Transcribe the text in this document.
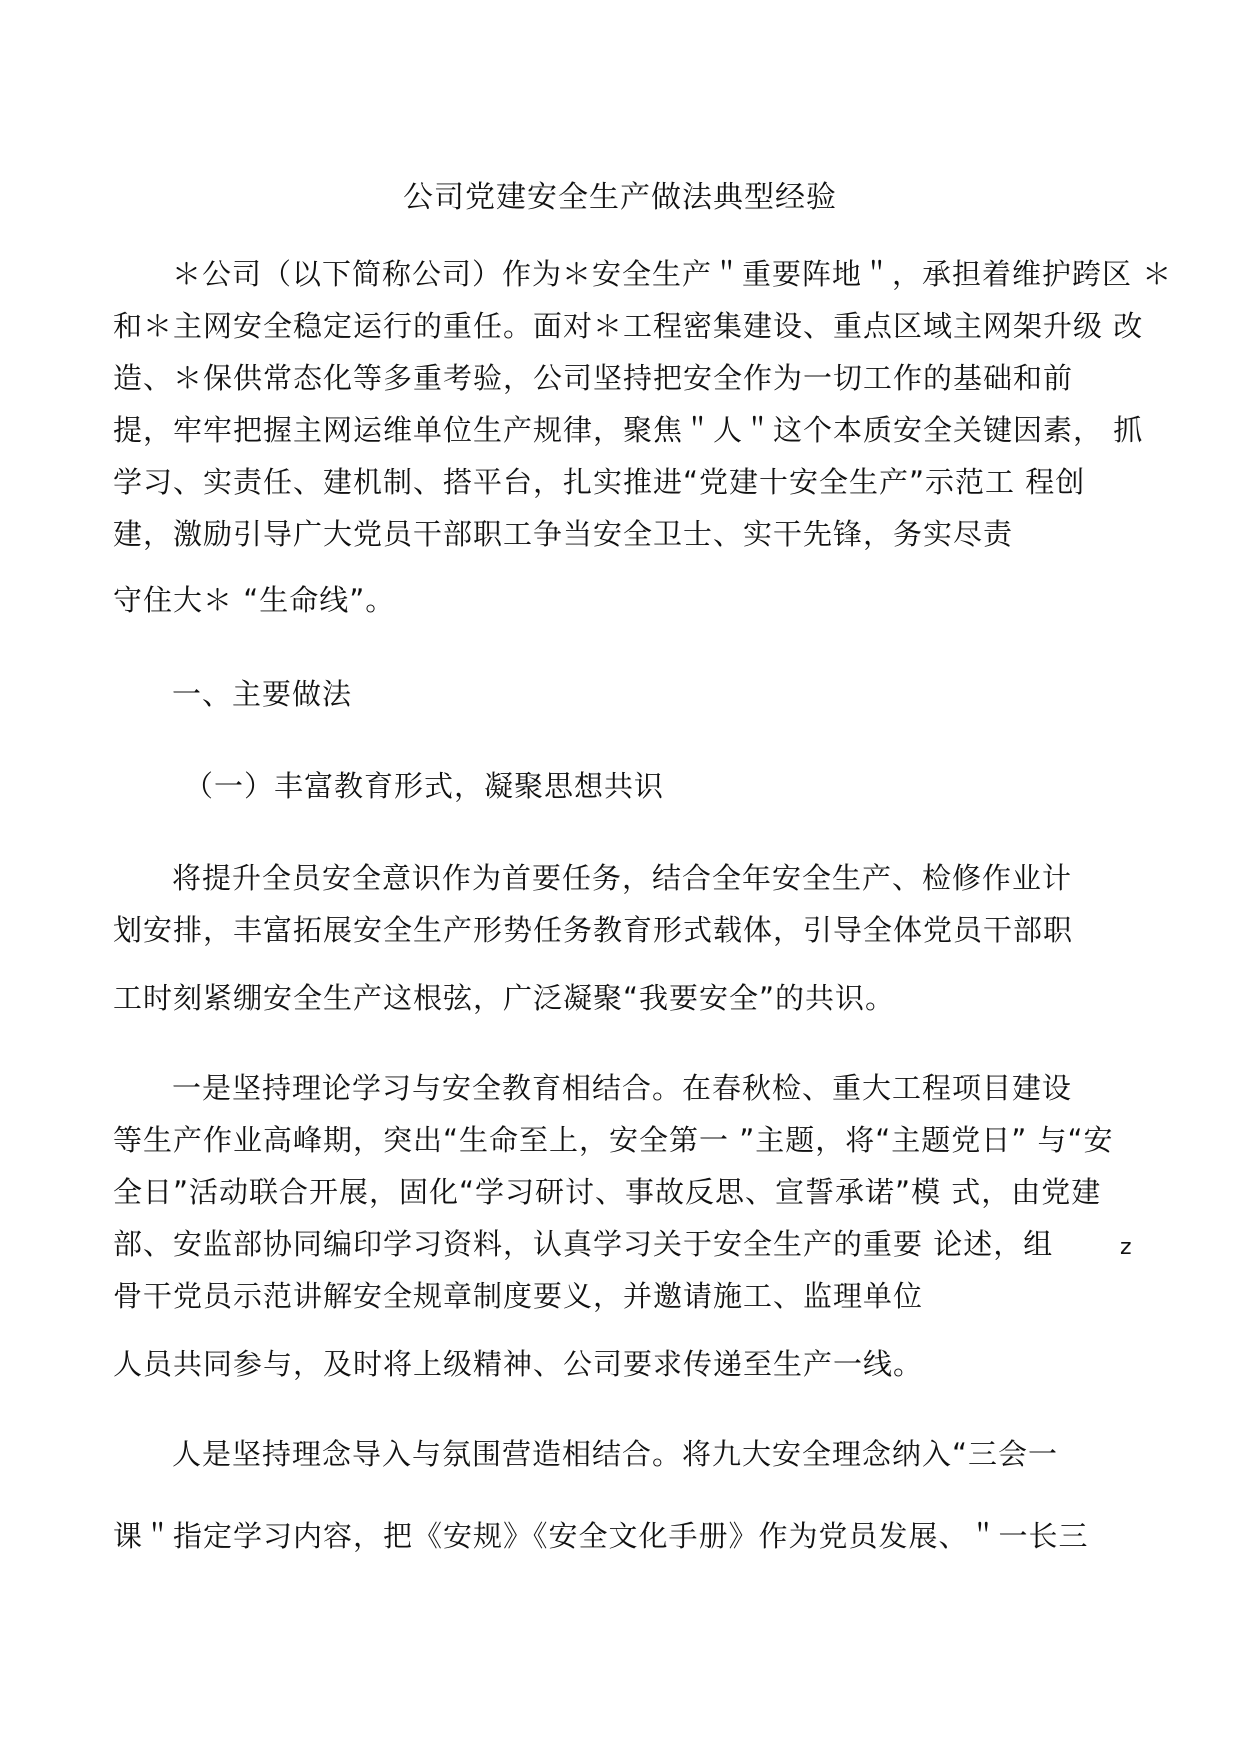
公司党建安全生产做法典型经验
＊公司（以下简称公司）作为＊安全生产＂重要阵地＂，承担着维护跨区 ＊
和＊主网安全稳定运行的重任。面对＊工程密集建设、重点区域主网架升级 改
造、＊保供常态化等多重考验，公司坚持把安全作为一切工作的基础和前
提，牢牢把握主网运维单位生产规律，聚焦＂人＂这个本质安全关键因素， 抓
学习、实责任、建机制、搭平台，扎实推进“党建十安全生产”示范工 程创
建，激励引导广大党员干部职工争当安全卫士、实干先锋，务实尽责
守住大＊ “生命线”。
一、主要做法
（一）丰富教育形式，凝聚思想共识
将提升全员安全意识作为首要任务，结合全年安全生产、检修作业计
划安排，丰富拓展安全生产形势任务教育形式载体，引导全体党员干部职
工时刻紧绷安全生产这根弦，广泛凝聚“我要安全”的共识。
一是坚持理论学习与安全教育相结合。在春秋检、重大工程项目建设
等生产作业高峰期，突出“生命至上，安全第一 ”主题，将“主题党日” 与“安
全日”活动联合开展，固化“学习研讨、事故反思、宣誓承诺”模 式，由党建
部、安监部协同编印学习资料，认真学习关于安全生产的重要 论述，组	z
骨干党员示范讲解安全规章制度要义，并邀请施工、监理单位
人员共同参与，及时将上级精神、公司要求传递至生产一线。
人是坚持理念导入与氛围营造相结合。将九大安全理念纳入“三会一
课＂指定学习内容，把《安规》《安全文化手册》作为党员发展、＂一长三
